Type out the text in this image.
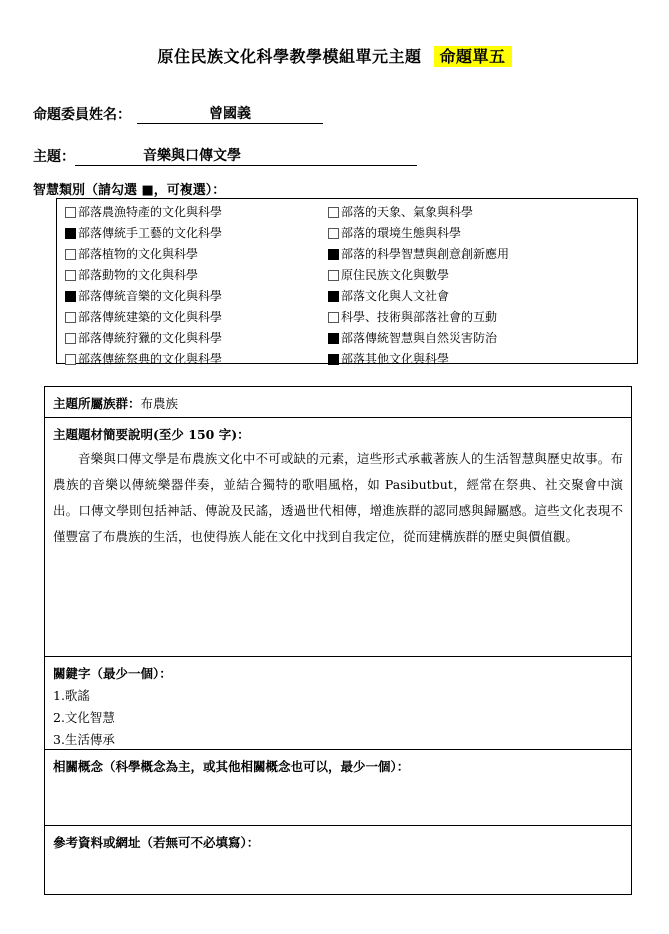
原住民族文化科學教學模組單元主題 命題單五
命題委員姓名：	曾國義
主題：	音樂與口傳文學
智慧類別（請勾選 ■，可複選）：
部落農漁特產的文化與科學
部落傳統手工藝的文化科學
部落植物的文化與科學
部落動物的文化與科學
部落傳統音樂的文化與科學
部落傳統建築的文化與科學
部落傳統狩獵的文化與科學
部落傳統祭典的文化與科學
部落的天象、氣象與科學
部落的環境生態與科學
部落的科學智慧與創意創新應用
原住民族文化與數學
部落文化與人文社會
科學、技術與部落社會的互動
部落傳統智慧與自然災害防治
部落其他文化與科學
主題所屬族群：布農族
主題題材簡要說明(至少 150 字)：
音樂與口傳文學是布農族文化中不可或缺的元素，這些形式承載著族人的生活智慧與歷史故事。布農族的音樂以傳統樂器伴奏，並結合獨特的歌唱風格，如 Pasibutbut，經常在祭典、社交聚會中演出。口傳文學則包括神話、傳說及民謠，透過世代相傳，增進族群的認同感與歸屬感。這些文化表現不僅豐富了布農族的生活，也使得族人能在文化中找到自我定位，從而建構族群的歷史與價值觀。
關鍵字（最少一個）：
1.歌謠
2.文化智慧
3.生活傳承
相關概念（科學概念為主，或其他相關概念也可以，最少一個）：
參考資料或網址（若無可不必填寫）：
